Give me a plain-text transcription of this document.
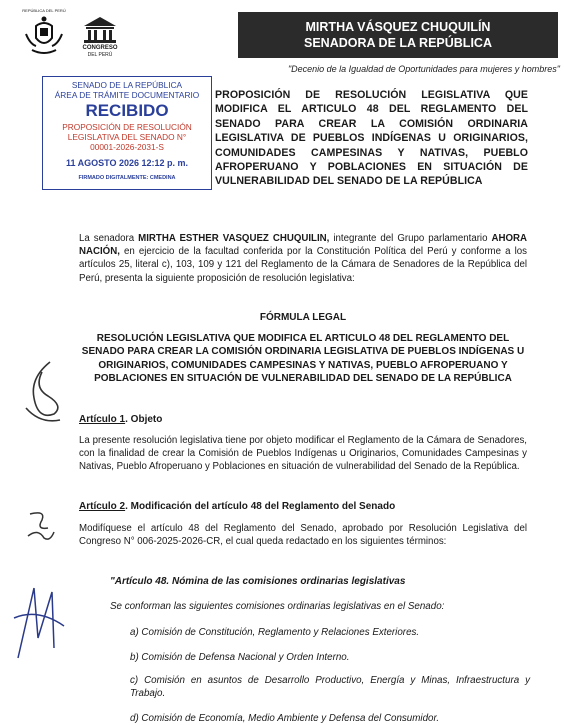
REPÚBLICA DEL PERÚ
CONGRESO
DEL PERÚ
MIRTHA VÁSQUEZ CHUQUILÍN
SENADORA DE LA REPÚBLICA
"Decenio de la Igualdad de Oportunidades para mujeres y hombres"
SENADO DE LA REPÚBLICA
ÁREA DE TRÁMITE DOCUMENTARIO
RECIBIDO
PROPOSICIÓN DE RESOLUCIÓN
LEGISLATIVA DEL SENADO N°
00001-2026-2031-S
11 AGOSTO 2026 12:12 p. m.
FIRMADO DIGITALMENTE: CMEDINA
PROPOSICIÓN DE RESOLUCIÓN LEGISLATIVA QUE MODIFICA EL ARTICULO 48 DEL REGLAMENTO DEL SENADO PARA CREAR LA COMISIÓN ORDINARIA LEGISLATIVA DE PUEBLOS INDÍGENAS U ORIGINARIOS, COMUNIDADES CAMPESINAS Y NATIVAS, PUEBLO AFROPERUANO Y POBLACIONES EN SITUACIÓN DE VULNERABILIDAD DEL SENADO DE LA REPÚBLICA
La senadora MIRTHA ESTHER VASQUEZ CHUQUILIN, integrante del Grupo parlamentario AHORA NACIÓN, en ejercicio de la facultad conferida por la Constitución Política del Perú y conforme a los artículos 25, literal c), 103, 109 y 121 del Reglamento de la Cámara de Senadores de la República del Perú, presenta la siguiente proposición de resolución legislativa:
FÓRMULA LEGAL
RESOLUCIÓN LEGISLATIVA QUE MODIFICA EL ARTICULO 48 DEL REGLAMENTO DEL SENADO PARA CREAR LA COMISIÓN ORDINARIA LEGISLATIVA DE PUEBLOS INDÍGENAS U ORIGINARIOS, COMUNIDADES CAMPESINAS Y NATIVAS, PUEBLO AFROPERUANO Y POBLACIONES EN SITUACIÓN DE VULNERABILIDAD DEL SENADO DE LA REPÚBLICA
Artículo 1. Objeto
La presente resolución legislativa tiene por objeto modificar el Reglamento de la Cámara de Senadores, con la finalidad de crear la Comisión de Pueblos Indígenas u Originarios, Comunidades Campesinas y Nativas, Pueblo Afroperuano y Poblaciones en situación de vulnerabilidad del Senado de la República.
Artículo 2. Modificación del artículo 48 del Reglamento del Senado
Modifíquese el artículo 48 del Reglamento del Senado, aprobado por Resolución Legislativa del Congreso N° 006-2025-2026-CR, el cual queda redactado en los siguientes términos:
"Artículo 48. Nómina de las comisiones ordinarias legislativas
Se conforman las siguientes comisiones ordinarias legislativas en el Senado:
a) Comisión de Constitución, Reglamento y Relaciones Exteriores.
b) Comisión de Defensa Nacional y Orden Interno.
c) Comisión en asuntos de Desarrollo Productivo, Energía y Minas, Infraestructura y Trabajo.
d) Comisión de Economía, Medio Ambiente y Defensa del Consumidor.
